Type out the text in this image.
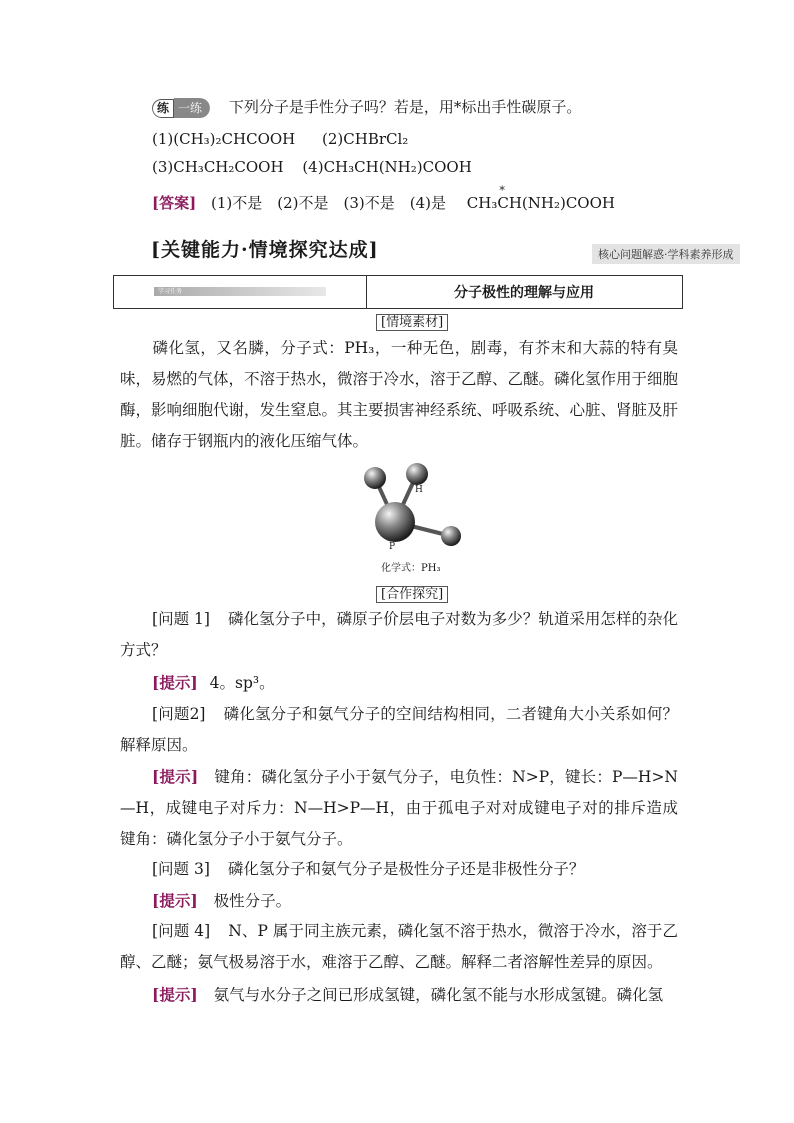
练 一练	下列分子是手性分子吗？若是，用*标出手性碳原子。
(1)(CH₃)₂CHCOOH (2)CHBrCl₂
(3)CH₃CH₂COOH (4)CH₃CH(NH₂)COOH
[答案] (1)不是　(2)不是　(3)不是　(4)是 CH₃
*
CH(NH₂)COOH
[关键能力·情境探究达成]	核心问题解惑·学科素养形成
学习任务	分子极性的理解与应用
[情境素材]
磷化氢，又名膦，分子式：PH₃，一种无色，剧毒，有芥末和大蒜的特有臭味，易燃的气体，不溶于热水，微溶于冷水，溶于乙醇、乙醚。磷化氢作用于细胞酶，影响细胞代谢，发生窒息。其主要损害神经系统、呼吸系统、心脏、肾脏及肝脏。储存于钢瓶内的液化压缩气体。
H
P
化学式：PH₃
[合作探究]
[问题 1] 磷化氢分子中，磷原子价层电子对数为多少？轨道采用怎样的杂化方式？
[提示] 4。sp³。
[问题2] 磷化氢分子和氨气分子的空间结构相同，二者键角大小关系如何？解释原因。
[提示] 键角：磷化氢分子小于氨气分子，电负性：N>P，键长：P—H>N—H，成键电子对斥力：N—H>P—H，由于孤电子对对成键电子对的排斥造成键角：磷化氢分子小于氨气分子。
[问题 3] 磷化氢分子和氨气分子是极性分子还是非极性分子？
[提示] 极性分子。
[问题 4] N、P 属于同主族元素，磷化氢不溶于热水，微溶于冷水，溶于乙醇、乙醚；氨气极易溶于水，难溶于乙醇、乙醚。解释二者溶解性差异的原因。
[提示] 氨气与水分子之间已形成氢键，磷化氢不能与水形成氢键。磷化氢
